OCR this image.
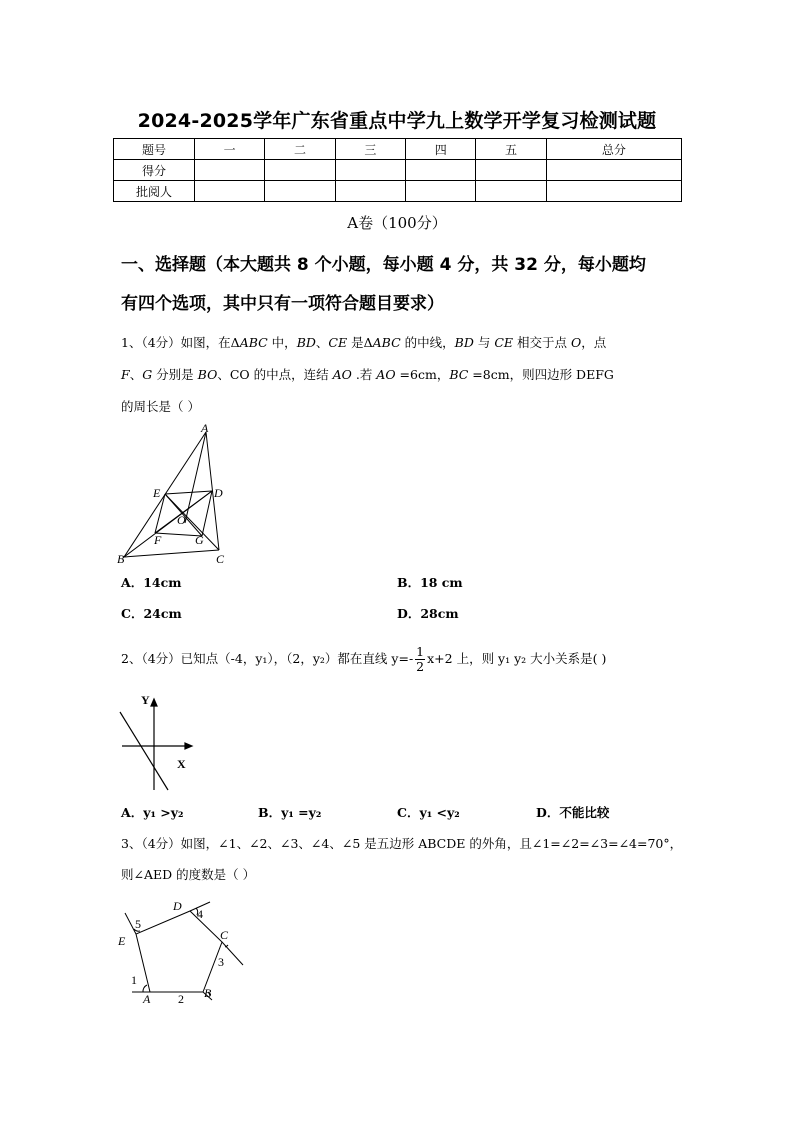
2024-2025学年广东省重点中学九上数学开学复习检测试题
题号	一	二	三	四	五	总分
得分						
批阅人						
A卷（100分）
一、选择题（本大题共 8 个小题，每小题 4 分，共 32 分，每小题均
有四个选项，其中只有一项符合题目要求）
1、（4分）如图，在ΔABC 中，BD、CE 是ΔABC 的中线，BD 与 CE 相交于点 O，点
F、G 分别是 BO、CO 的中点，连结 AO .若 AO =6cm，BC =8cm，则四边形 DEFG
的周长是（ ）
A
E	D
O
F	G
B	C
A．14cm	B．18 cm
C．24cm	D．28cm
2、（4分）已知点（-4，y₁），（2，y₂）都在直线 $y=- \frac{1}{2} x+2$ 上，则 y₁ y₂ 大小关系是( )
Y
X
A．y₁ >y₂	B．y₁ =y₂	C．y₁ <y₂	D．不能比较
3、（4分）如图，∠1、∠2、∠3、∠4、∠5 是五边形 ABCDE 的外角，且∠1=∠2=∠3=∠4=70°，
则∠AED 的度数是（ ）
D
4
5
C
E
3
1
A 2 B
